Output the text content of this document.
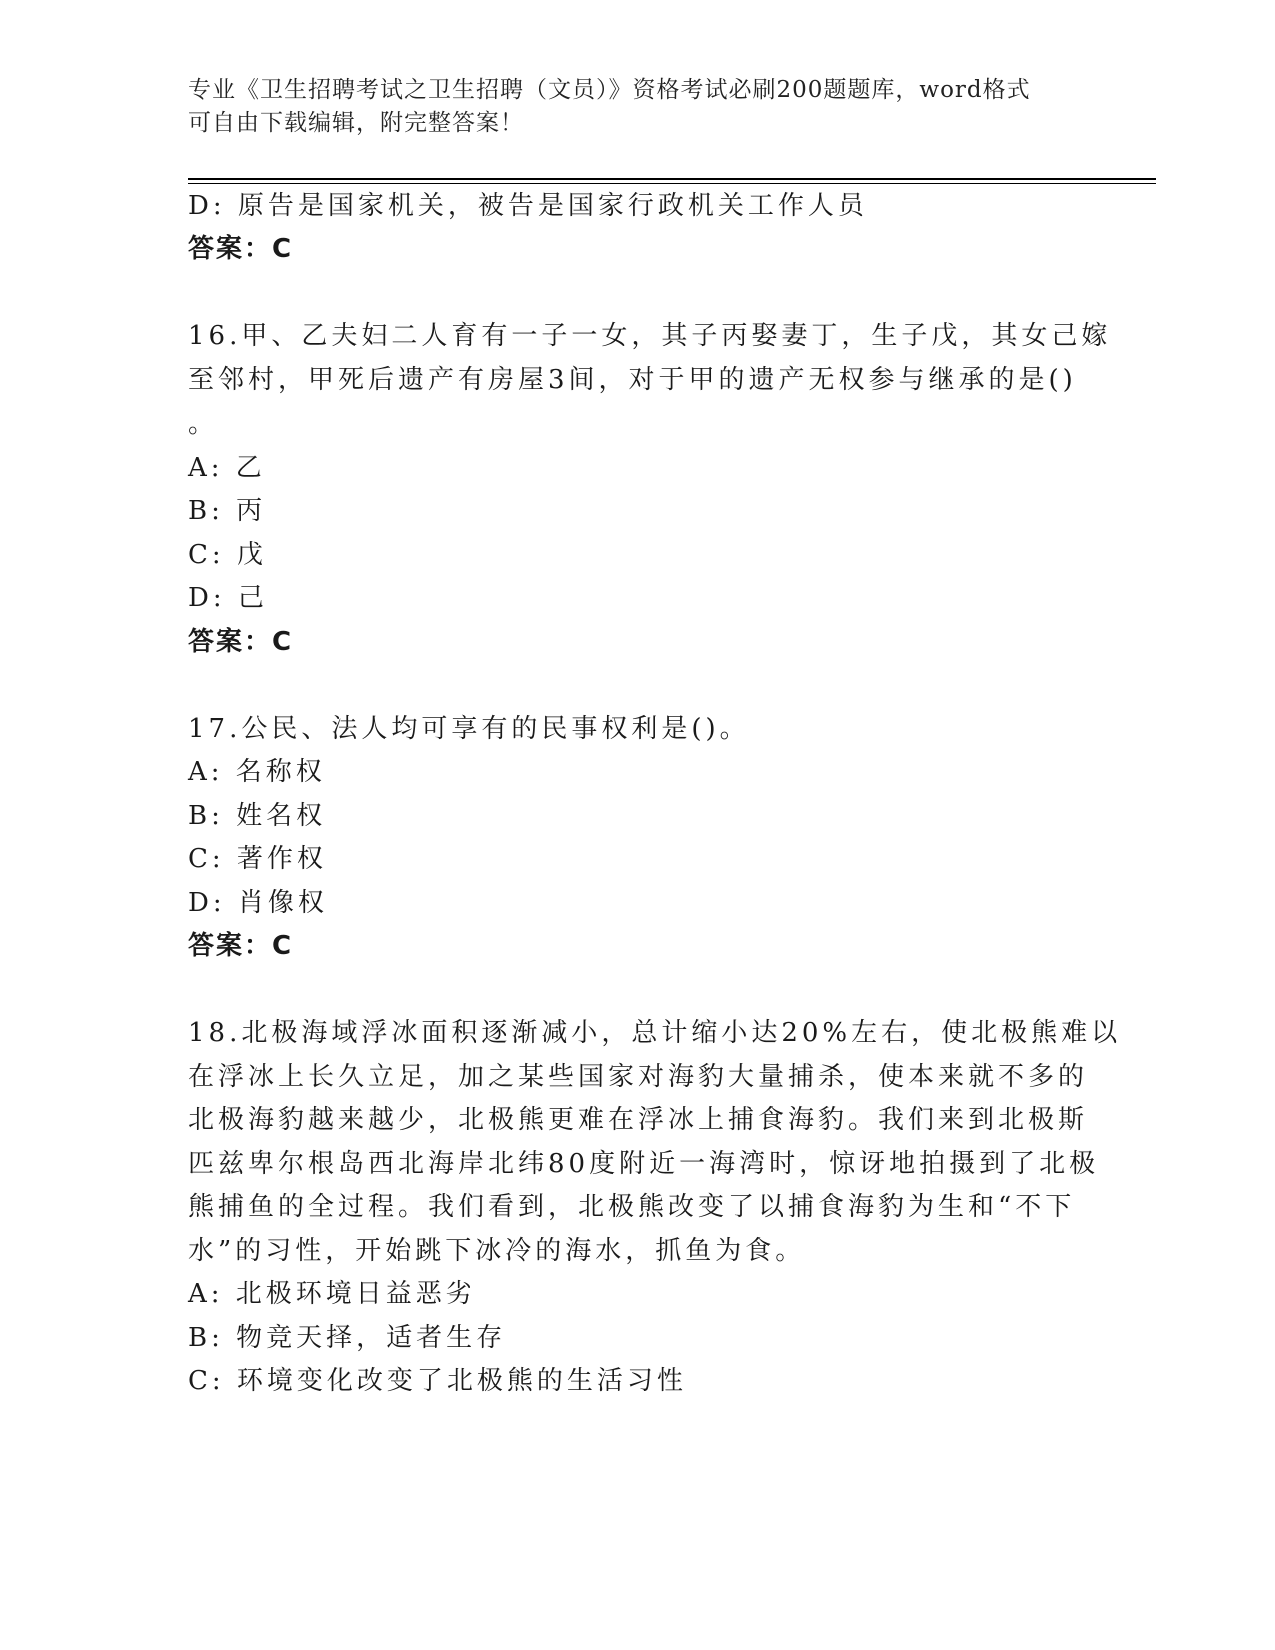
专业《卫生招聘考试之卫生招聘（文员）》资格考试必刷200题题库，word格式
可自由下载编辑，附完整答案！
D: 原告是国家机关，被告是国家行政机关工作人员
答案：C
16.甲、乙夫妇二人育有一子一女，其子丙娶妻丁，生子戊，其女己嫁
至邻村，甲死后遗产有房屋3间，对于甲的遗产无权参与继承的是()
。
A: 乙
B: 丙
C: 戊
D: 己
答案：C
17.公民、法人均可享有的民事权利是()。
A: 名称权
B: 姓名权
C: 著作权
D: 肖像权
答案：C
18.北极海域浮冰面积逐渐减小，总计缩小达20%左右，使北极熊难以
在浮冰上长久立足，加之某些国家对海豹大量捕杀，使本来就不多的
北极海豹越来越少，北极熊更难在浮冰上捕食海豹。我们来到北极斯
匹兹卑尔根岛西北海岸北纬80度附近一海湾时，惊讶地拍摄到了北极
熊捕鱼的全过程。我们看到，北极熊改变了以捕食海豹为生和“不下
水”的习性，开始跳下冰冷的海水，抓鱼为食。
A: 北极环境日益恶劣
B: 物竞天择，适者生存
C: 环境变化改变了北极熊的生活习性
